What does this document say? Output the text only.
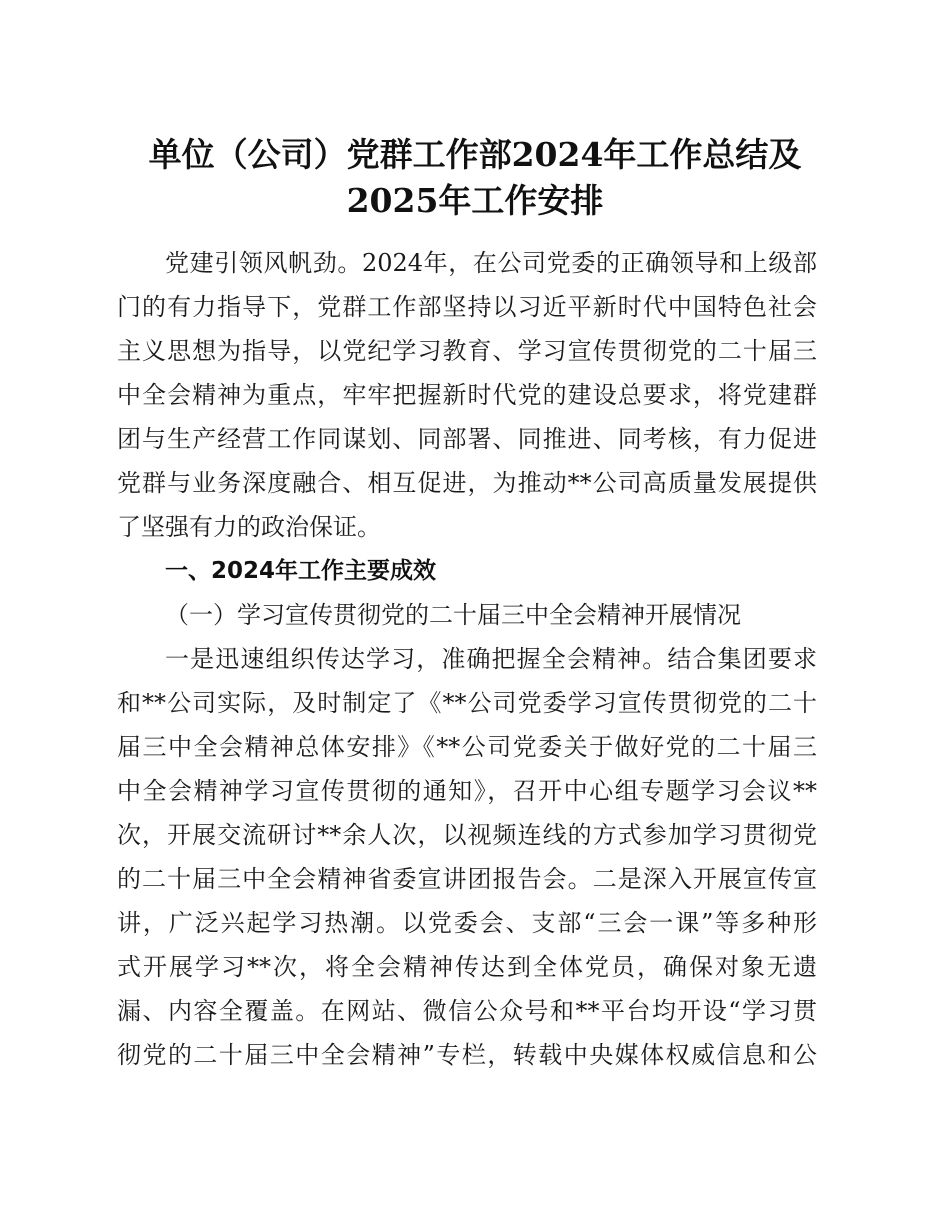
单位（公司）党群工作部2024年工作总结及
2025年工作安排

党建引领风帆劲。2024年，在公司党委的正确领导和上级部

门的有力指导下，党群工作部坚持以习近平新时代中国特色社会

主义思想为指导，以党纪学习教育、学习宣传贯彻党的二十届三

中全会精神为重点，牢牢把握新时代党的建设总要求，将党建群

团与生产经营工作同谋划、同部署、同推进、同考核，有力促进

党群与业务深度融合、相互促进，为推动**公司高质量发展提供

了坚强有力的政治保证。

一、2024年工作主要成效

（一）学习宣传贯彻党的二十届三中全会精神开展情况

一是迅速组织传达学习，准确把握全会精神。结合集团要求

和**公司实际，及时制定了《**公司党委学习宣传贯彻党的二十

届三中全会精神总体安排》《**公司党委关于做好党的二十届三

中全会精神学习宣传贯彻的通知》，召开中心组专题学习会议**

次，开展交流研讨**余人次，以视频连线的方式参加学习贯彻党

的二十届三中全会精神省委宣讲团报告会。二是深入开展宣传宣

讲，广泛兴起学习热潮。以党委会、支部“三会一课”等多种形

式开展学习**次，将全会精神传达到全体党员，确保对象无遗

漏、内容全覆盖。在网站、微信公众号和**平台均开设“学习贯

彻党的二十届三中全会精神”专栏，转载中央媒体权威信息和公
